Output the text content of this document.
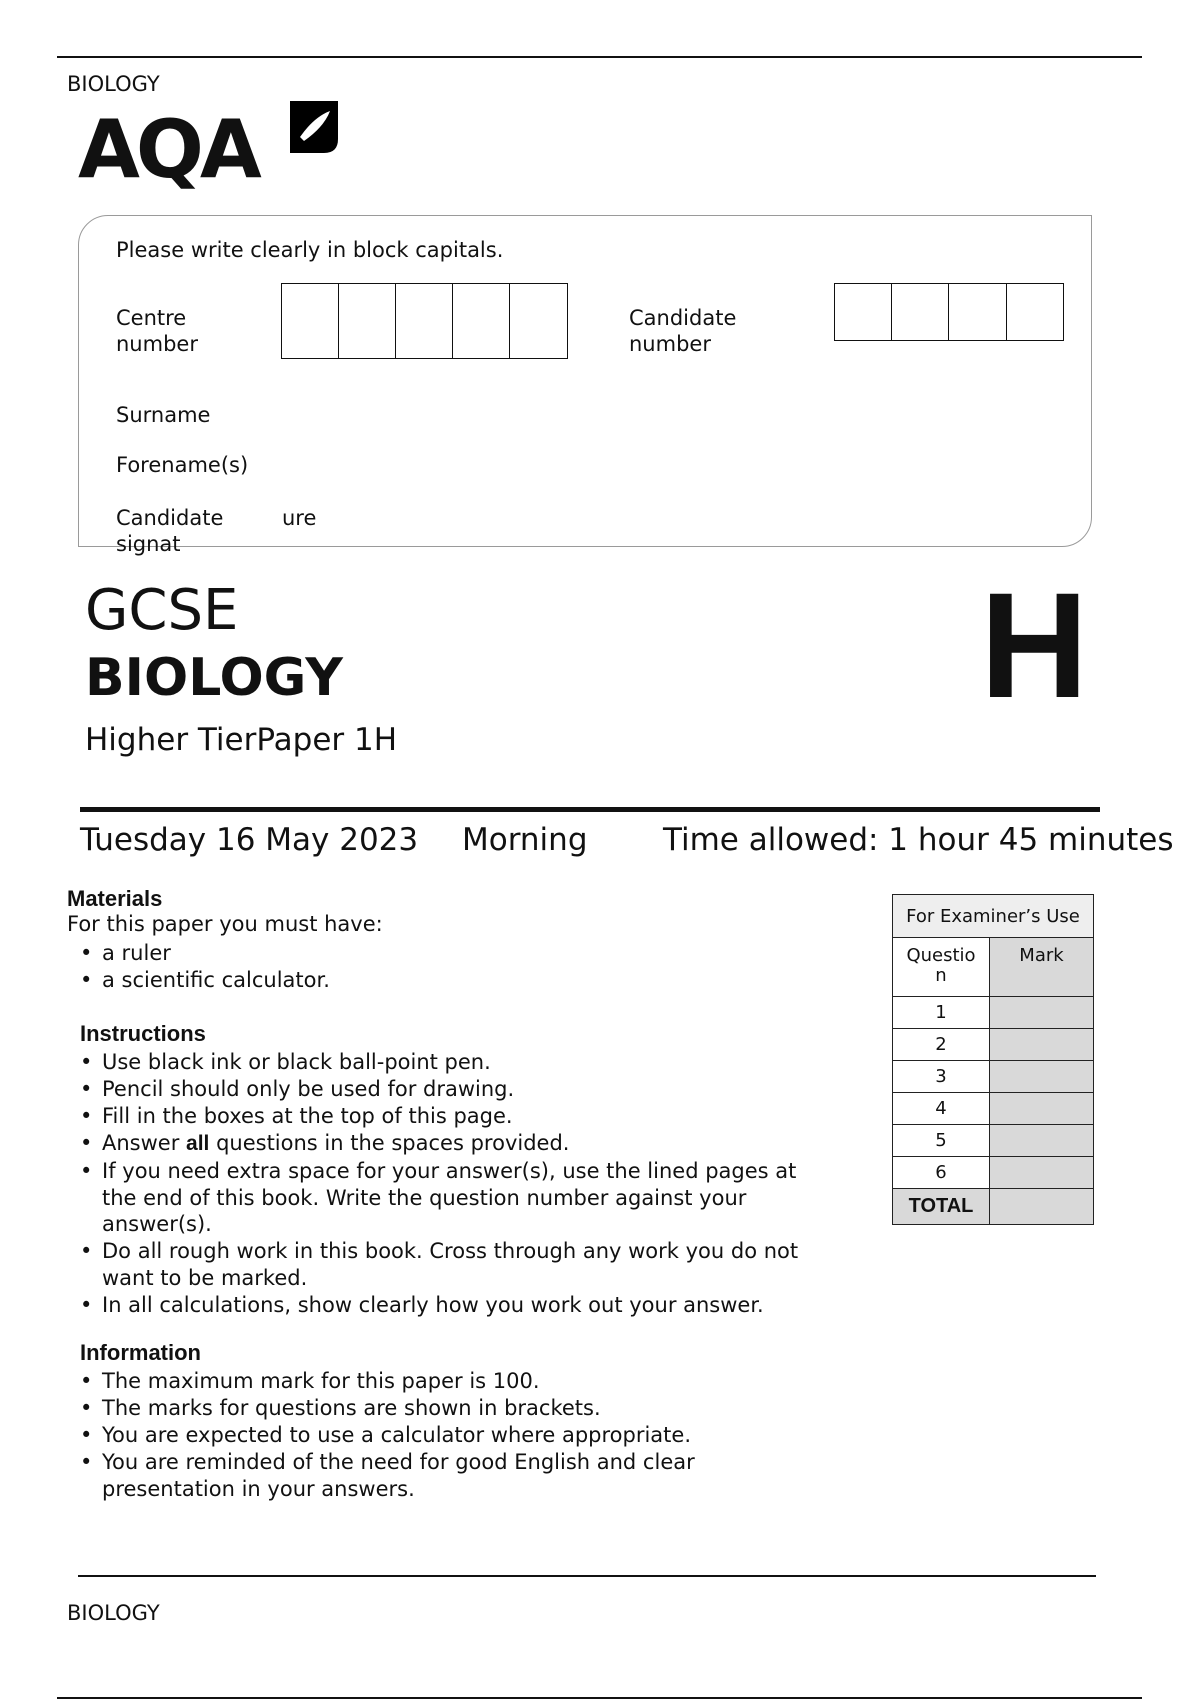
BIOLOGY
AQA
Please write clearly in block capitals.
Centre
number
Candidate
number
Surname
Forename(s)
Candidate
signat
ure
GCSE
BIOLOGY
Higher TierPaper 1H
H
Tuesday 16 May 2023 Morning Time allowed: 1 hour 45 minutes
Materials
For this paper you must have:
• a ruler
• a scientific calculator.
Instructions
• Use black ink or black ball-point pen.
• Pencil should only be used for drawing.
• Fill in the boxes at the top of this page.
• Answer all questions in the spaces provided.
• If you need extra space for your answer(s), use the lined pages at the end of this book. Write the question number against your answer(s).
• Do all rough work in this book. Cross through any work you do not want to be marked.
• In all calculations, show clearly how you work out your answer.
Information
• The maximum mark for this paper is 100.
• The marks for questions are shown in brackets.
• You are expected to use a calculator where appropriate.
• You are reminded of the need for good English and clear presentation in your answers.
For Examiner’s Use	

Questio
n	Mark
1	
2	
3	
4	
5	
6	
TOTAL	
BIOLOGY
